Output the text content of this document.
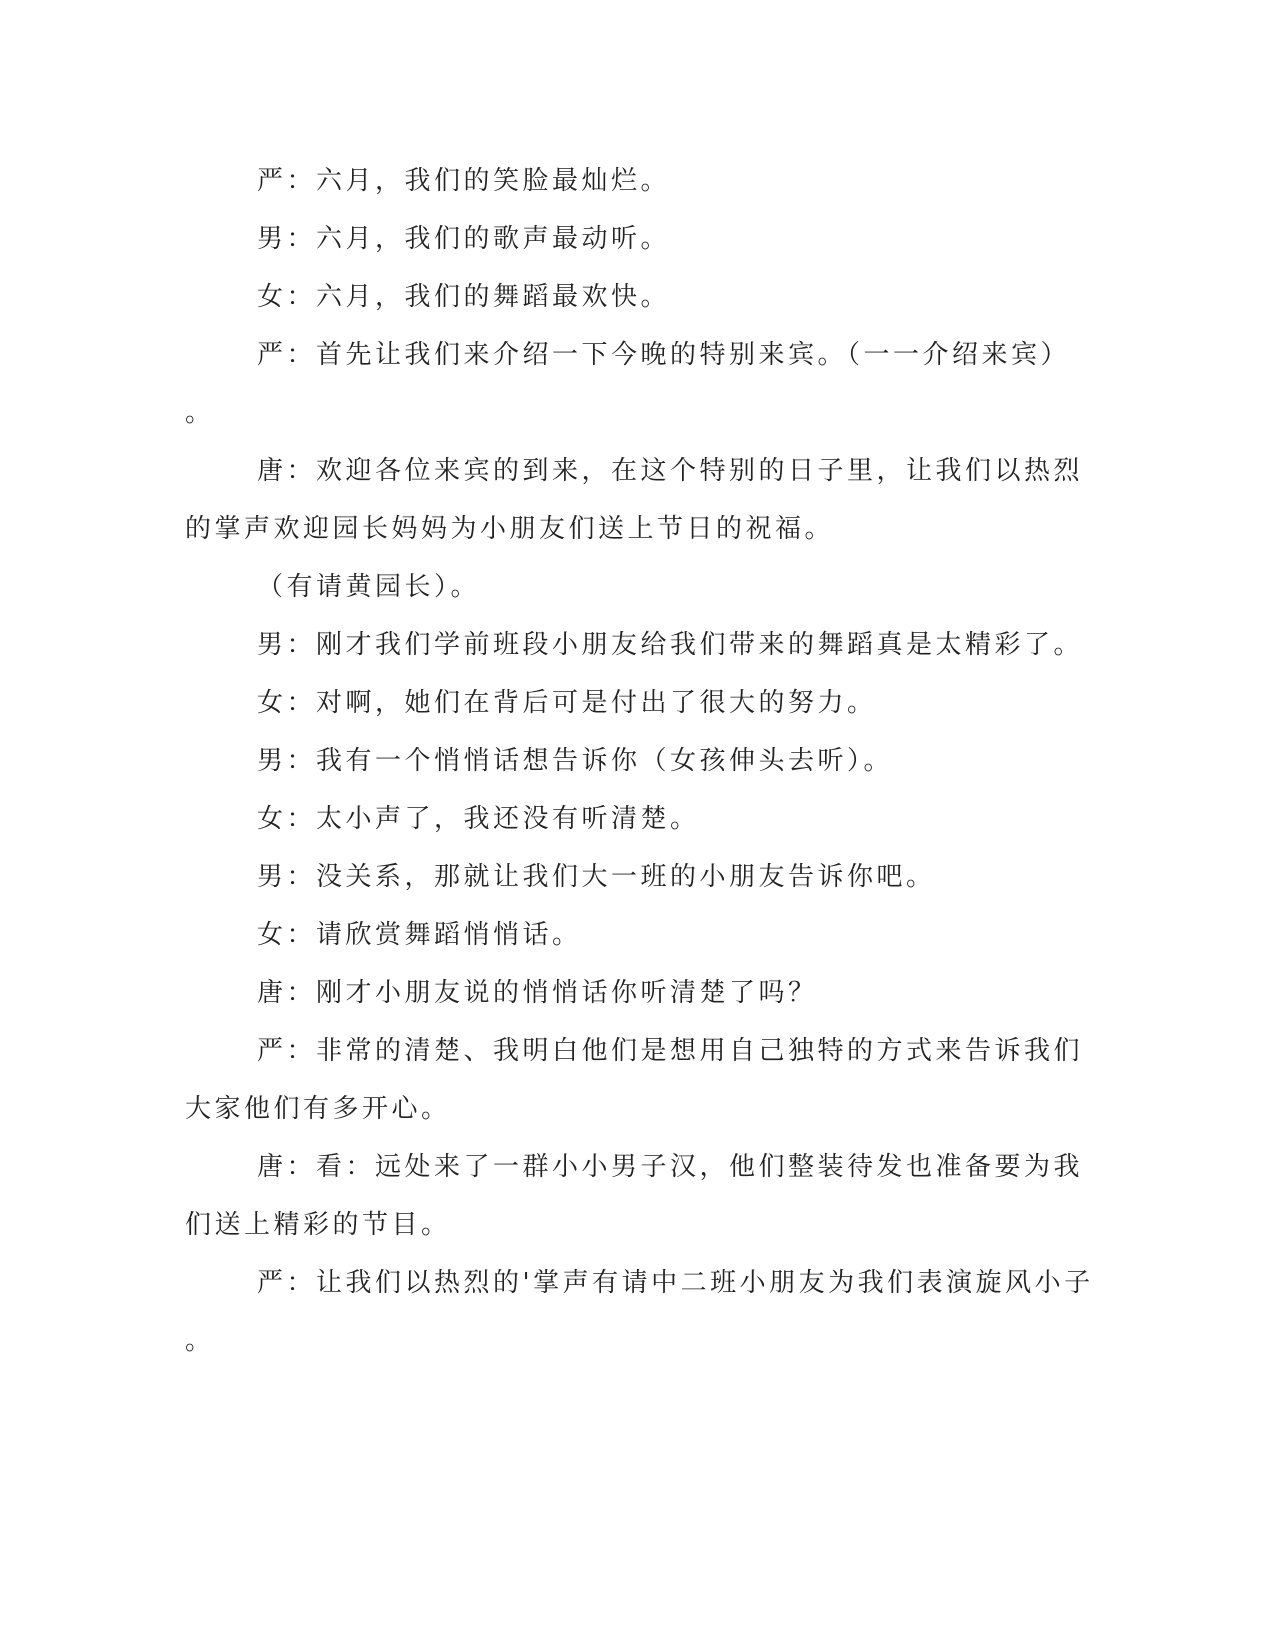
严：六月，我们的笑脸最灿烂。

男：六月，我们的歌声最动听。

女：六月，我们的舞蹈最欢快。

严：首先让我们来介绍一下今晚的特别来宾。（一一介绍来宾）

。

唐：欢迎各位来宾的到来，在这个特别的日子里，让我们以热烈

的掌声欢迎园长妈妈为小朋友们送上节日的祝福。

（有请黄园长）。

男：刚才我们学前班段小朋友给我们带来的舞蹈真是太精彩了。

女：对啊，她们在背后可是付出了很大的努力。

男：我有一个悄悄话想告诉你（女孩伸头去听）。

女：太小声了，我还没有听清楚。

男：没关系，那就让我们大一班的小朋友告诉你吧。

女：请欣赏舞蹈悄悄话。

唐：刚才小朋友说的悄悄话你听清楚了吗？

严：非常的清楚、我明白他们是想用自己独特的方式来告诉我们

大家他们有多开心。

唐：看：远处来了一群小小男子汉，他们整装待发也准备要为我

们送上精彩的节目。

严：让我们以热烈的'掌声有请中二班小朋友为我们表演旋风小子

。
